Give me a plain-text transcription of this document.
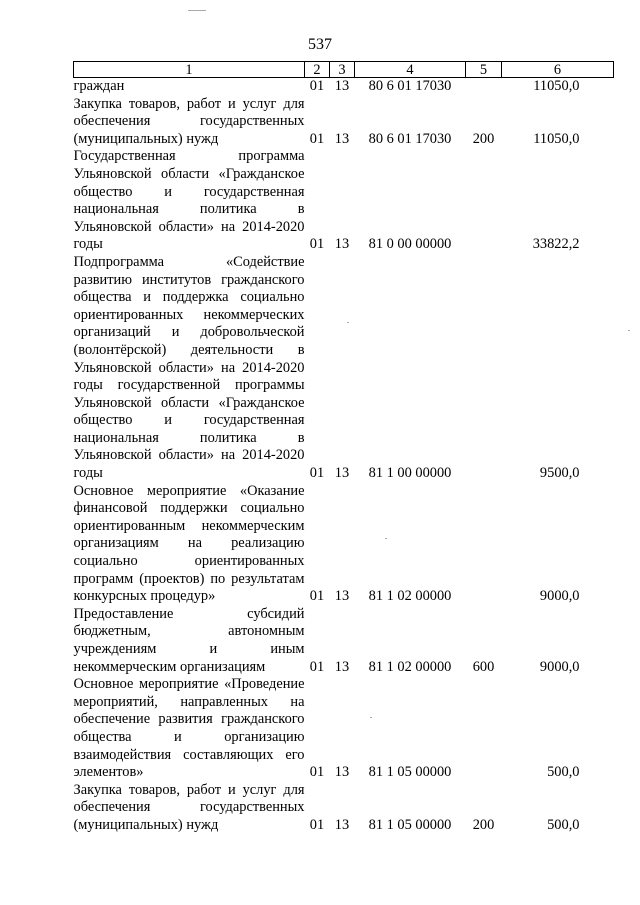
537
1	2	3	4	5	6
граждан	01	13	80 6 01 17030		11050,0
Закупка товаров, работ и услуг для обеспечения государственных (муниципальных) нужд	01	13	80 6 01 17030	200	11050,0
Государственная программа Ульяновской области «Гражданское общество и государственная национальная политика в Ульяновской области» на 2014-2020 годы	01	13	81 0 00 00000		33822,2
Подпрограмма «Содействие развитию институтов гражданского общества и поддержка социально ориентированных некоммерческих организаций и добровольческой (волонтёрской) деятельности в Ульяновской области» на 2014-2020 годы государственной программы Ульяновской области «Гражданское общество и государственная национальная политика в Ульяновской области» на 2014-2020 годы	01	13	81 1 00 00000		9500,0
Основное мероприятие «Оказание финансовой поддержки социально ориентированным некоммерческим организациям на реализацию социально ориентированных программ (проектов) по результатам конкурсных процедур»	01	13	81 1 02 00000		9000,0
Предоставление субсидий бюджетным, автономным учреждениям и иным некоммерческим организациям	01	13	81 1 02 00000	600	9000,0
Основное мероприятие «Проведение мероприятий, направленных на обеспечение развития гражданского общества и организацию взаимодействия составляющих его элементов»	01	13	81 1 05 00000		500,0
Закупка товаров, работ и услуг для обеспечения государственных (муниципальных) нужд	01	13	81 1 05 00000	200	500,0
